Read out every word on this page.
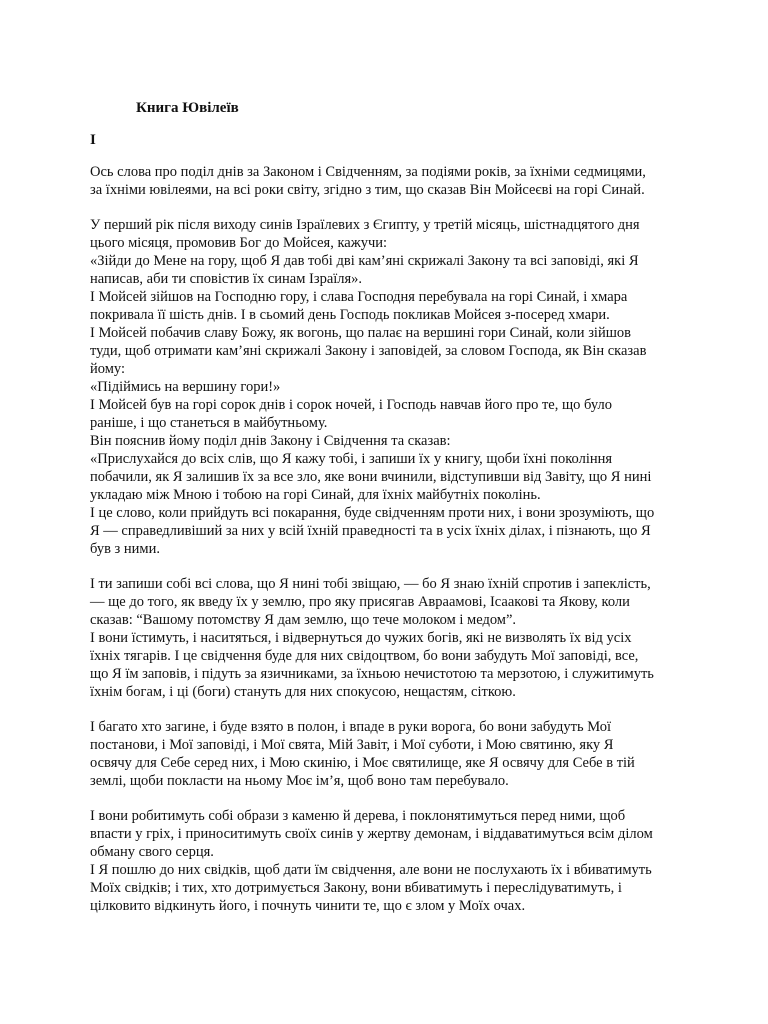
Книга Ювілеїв
I
Ось слова про поділ днів за Законом і Свідченням, за подіями років, за їхніми седмицями,
за їхніми ювілеями, на всі роки світу, згідно з тим, що сказав Він Мойсеєві на горі Синай.
У перший рік після виходу синів Ізраїлевих з Єгипту, у третій місяць, шістнадцятого дня
цього місяця, промовив Бог до Мойсея, кажучи:
«Зійди до Мене на гору, щоб Я дав тобі дві кам’яні скрижалі Закону та всі заповіді, які Я
написав, аби ти сповістив їх синам Ізраїля».
І Мойсей зійшов на Господню гору, і слава Господня перебувала на горі Синай, і хмара
покривала її шість днів. І в сьомий день Господь покликав Мойсея з-посеред хмари.
І Мойсей побачив славу Божу, як вогонь, що палає на вершині гори Синай, коли зійшов
туди, щоб отримати кам’яні скрижалі Закону і заповідей, за словом Господа, як Він сказав
йому:
«Підіймись на вершину гори!»
І Мойсей був на горі сорок днів і сорок ночей, і Господь навчав його про те, що було
раніше, і що станеться в майбутньому.
Він пояснив йому поділ днів Закону і Свідчення та сказав:
«Прислухайся до всіх слів, що Я кажу тобі, і запиши їх у книгу, щоби їхні покоління
побачили, як Я залишив їх за все зло, яке вони вчинили, відступивши від Завіту, що Я нині
укладаю між Мною і тобою на горі Синай, для їхніх майбутніх поколінь.
І це слово, коли прийдуть всі покарання, буде свідченням проти них, і вони зрозуміють, що
Я — справедливіший за них у всій їхній праведності та в усіх їхніх ділах, і пізнають, що Я
був з ними.
І ти запиши собі всі слова, що Я нині тобі звіщаю, — бо Я знаю їхній спротив і запеклість,
— ще до того, як введу їх у землю, про яку присягав Авраамові, Ісаакові та Якову, коли
сказав: “Вашому потомству Я дам землю, що тече молоком і медом”.
І вони їстимуть, і наситяться, і відвернуться до чужих богів, які не визволять їх від усіх
їхніх тягарів. І це свідчення буде для них свідоцтвом, бо вони забудуть Мої заповіді, все,
що Я їм заповів, і підуть за язичниками, за їхньою нечистотою та мерзотою, і служитимуть
їхнім богам, і ці (боги) стануть для них спокусою, нещастям, сіткою.
І багато хто загине, і буде взято в полон, і впаде в руки ворога, бо вони забудуть Мої
постанови, і Мої заповіді, і Мої свята, Мій Завіт, і Мої суботи, і Мою святиню, яку Я
освячу для Себе серед них, і Мою скинію, і Моє святилище, яке Я освячу для Себе в тій
землі, щоби покласти на ньому Моє ім’я, щоб воно там перебувало.
І вони робитимуть собі образи з каменю й дерева, і поклонятимуться перед ними, щоб
впасти у гріх, і приноситимуть своїх синів у жертву демонам, і віддаватимуться всім ділом
обману свого серця.
І Я пошлю до них свідків, щоб дати їм свідчення, але вони не послухають їх і вбиватимуть
Моїх свідків; і тих, хто дотримується Закону, вони вбиватимуть і переслідуватимуть, і
цілковито відкинуть його, і почнуть чинити те, що є злом у Моїх очах.
